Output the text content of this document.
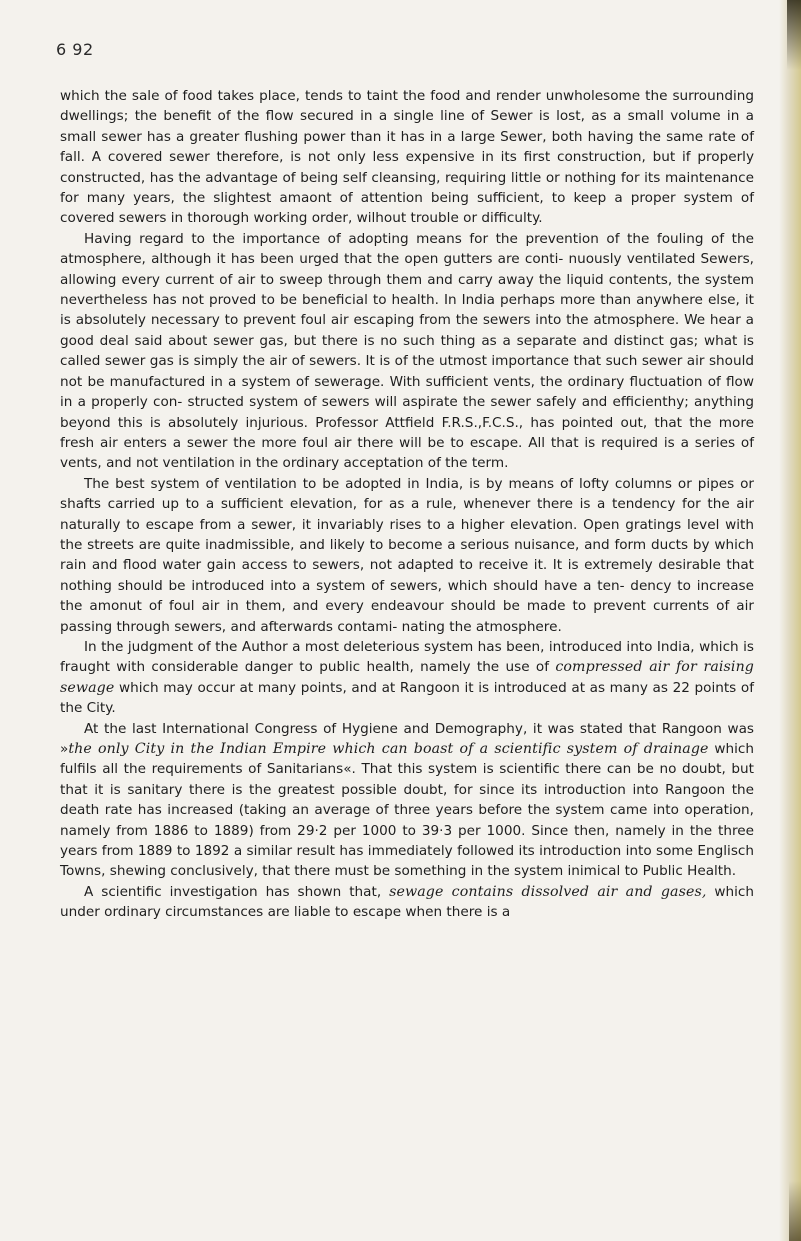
6 92

which the sale of food takes place, tends to taint the food and render unwholesome the surrounding dwellings; the benefit of the flow secured in a single line of Sewer is lost, as a small volume in a small sewer has a greater flushing power than it has in a large Sewer, both having the same rate of fall. A covered sewer therefore, is not only less expensive in its first construction, but if properly constructed, has the advantage of being self cleansing, requiring little or nothing for its maintenance for many years, the slightest amaont of attention being sufficient, to keep a proper system of covered sewers in thorough working order, wilhout trouble or difficulty.

Having regard to the importance of adopting means for the prevention of the fouling of the atmosphere, although it has been urged that the open gutters are conti- nuously ventilated Sewers, allowing every current of air to sweep through them and carry away the liquid contents, the system nevertheless has not proved to be beneficial to health. In India perhaps more than anywhere else, it is absolutely necessary to prevent foul air escaping from the sewers into the atmosphere. We hear a good deal said about sewer gas, but there is no such thing as a separate and distinct gas; what is called sewer gas is simply the air of sewers. It is of the utmost importance that such sewer air should not be manufactured in a system of sewerage. With sufficient vents, the ordinary fluctuation of flow in a properly con- structed system of sewers will aspirate the sewer safely and efficienthy; anything beyond this is absolutely injurious. Professor Attfield F.R.S.,F.C.S., has pointed out, that the more fresh air enters a sewer the more foul air there will be to escape. All that is required is a series of vents, and not ventilation in the ordinary acceptation of the term.

The best system of ventilation to be adopted in India, is by means of lofty columns or pipes or shafts carried up to a sufficient elevation, for as a rule, whenever there is a tendency for the air naturally to escape from a sewer, it invariably rises to a higher elevation. Open gratings level with the streets are quite inadmissible, and likely to become a serious nuisance, and form ducts by which rain and flood water gain access to sewers, not adapted to receive it. It is extremely desirable that nothing should be introduced into a system of sewers, which should have a ten- dency to increase the amonut of foul air in them, and every endeavour should be made to prevent currents of air passing through sewers, and afterwards contami- nating the atmosphere.

In the judgment of the Author a most deleterious system has been, introduced into India, which is fraught with considerable danger to public health, namely the use of compressed air for raising sewage which may occur at many points, and at Rangoon it is introduced at as many as 22 points of the City.

At the last International Congress of Hygiene and Demography, it was stated that Rangoon was »the only City in the Indian Empire which can boast of a scientific system of drainage which fulfils all the requirements of Sanitarians«. That this system is scientific there can be no doubt, but that it is sanitary there is the greatest possible doubt, for since its introduction into Rangoon the death rate has increased (taking an average of three years before the system came into operation, namely from 1886 to 1889) from 29·2 per 1000 to 39·3 per 1000. Since then, namely in the three years from 1889 to 1892 a similar result has immediately followed its introduction into some Englisch Towns, shewing conclusively, that there must be something in the system inimical to Public Health.

A scientific investigation has shown that, sewage contains dissolved air and gases, which under ordinary circumstances are liable to escape when there is a
